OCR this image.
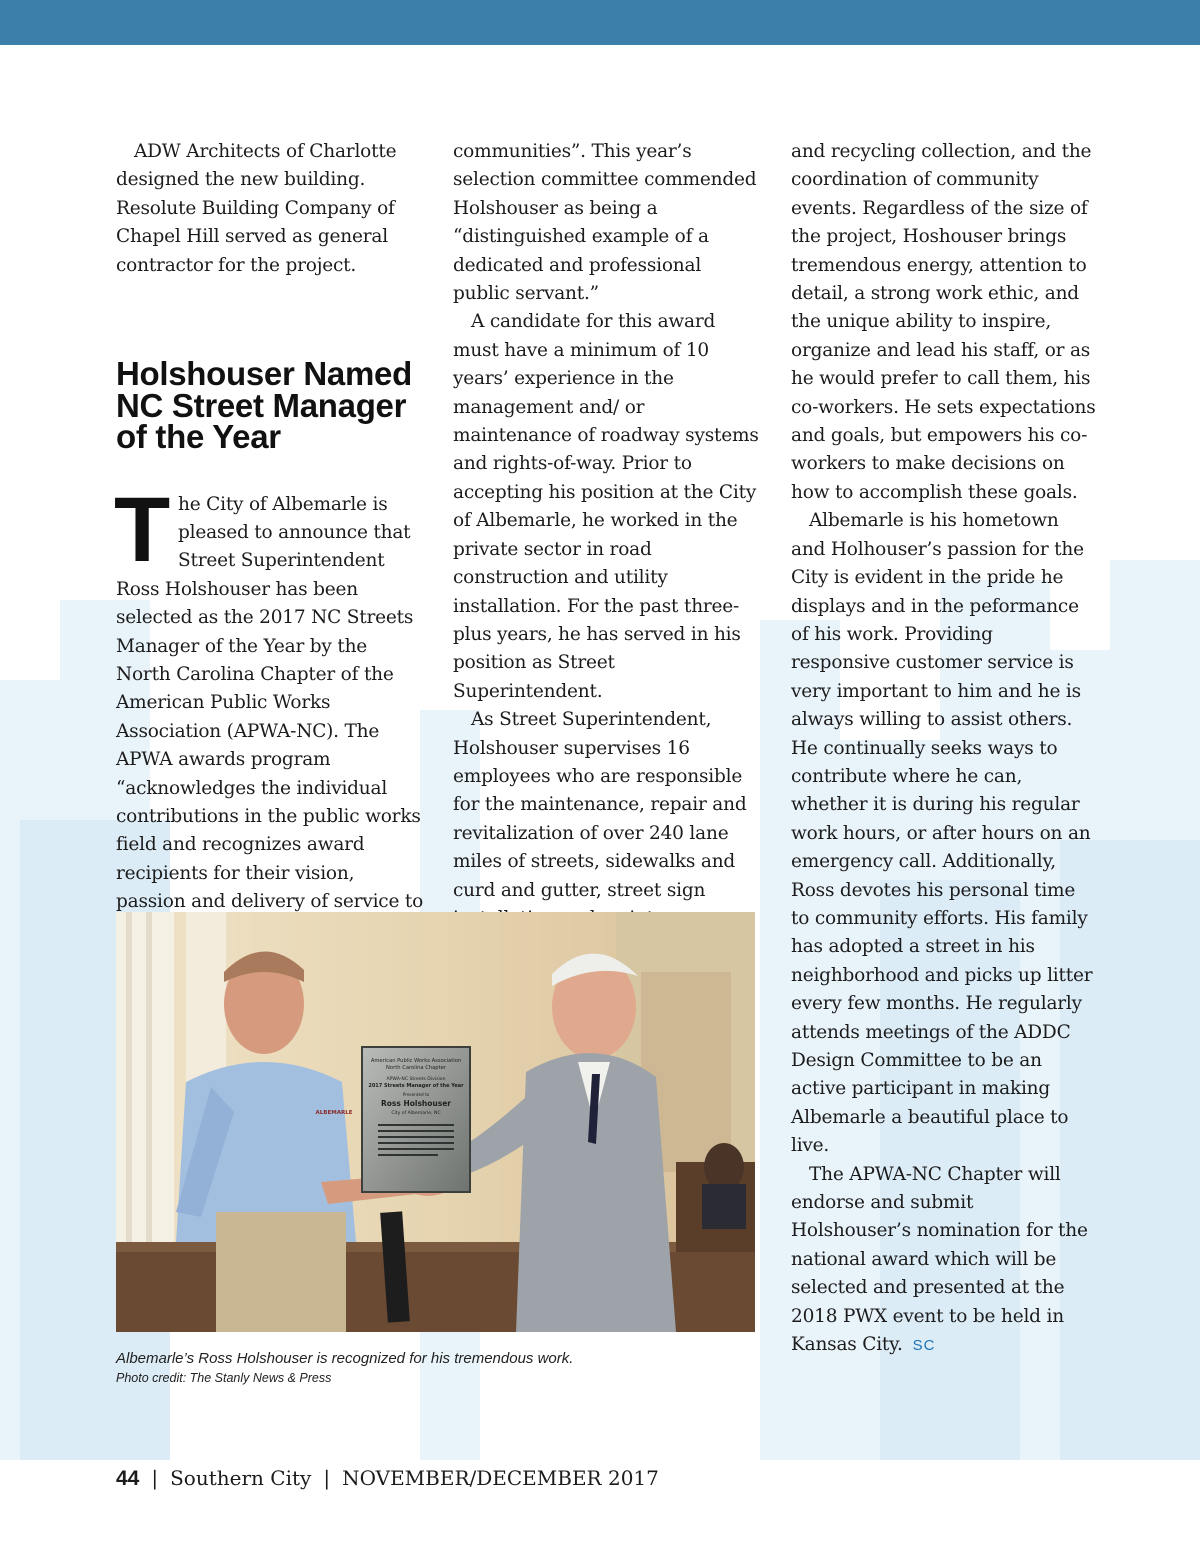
ADW Architects of Charlotte designed the new building. Resolute Building Company of Chapel Hill served as general contractor for the project.

Holshouser Named NC Street Manager of the Year

The City of Albemarle is pleased to announce that Street Superintendent Ross Holshouser has been selected as the 2017 NC Streets Manager of the Year by the North Carolina Chapter of the American Public Works Association (APWA-NC). The APWA awards program “acknowledges the individual contributions in the public works field and recognizes award recipients for their vision, passion and delivery of service to

communities”. This year’s selection committee commended Holshouser as being a “distinguished example of a dedicated and professional public servant.”

A candidate for this award must have a minimum of 10 years’ experience in the management and/ or maintenance of roadway systems and rights-of-way. Prior to accepting his position at the City of Albemarle, he worked in the private sector in road construction and utility installation. For the past three-plus years, he has served in his position as Street Superintendent.

As Street Superintendent, Holshouser supervises 16 employees who are responsible for the maintenance, repair and revitalization of over 240 lane miles of streets, sidewalks and curd and gutter, street sign

and recycling collection, and the coordination of community events. Regardless of the size of the project, Hoshouser brings tremendous energy, attention to detail, a strong work ethic, and the unique ability to inspire, organize and lead his staff, or as he would prefer to call them, his co-workers. He sets expectations and goals, but empowers his co-workers to make decisions on how to accomplish these goals.

Albemarle is his hometown and Holhouser’s passion for the City is evident in the pride he displays and in the peformance of his work. Providing responsive customer service is very important to him and he is always willing to assist others. He continually seeks ways to contribute where he can, whether it is during his regular work hours, or after hours on an emergency call. Additionally, Ross devotes his personal time to community efforts. His family has adopted a street in his neighborhood and picks up litter every few months. He regularly attends meetings of the ADDC Design Committee to be an active participant in making Albemarle a beautiful place to live.

The APWA-NC Chapter will endorse and submit Holshouser’s nomination for the national award which will be selected and presented at the 2018 PWX event to be held in Kansas City. SC

American Public Works Association
North Carolina Chapter
APWA-NC Streets Division
2017 Streets Manager of the Year
Presented to
Ross Holshouser
City of Albemarle, NC
ALBEMARLE
Albemarle’s Ross Holshouser is recognized for his tremendous work.
Photo credit: The Stanly News & Press
44 | Southern City | NOVEMBER/DECEMBER 2017
